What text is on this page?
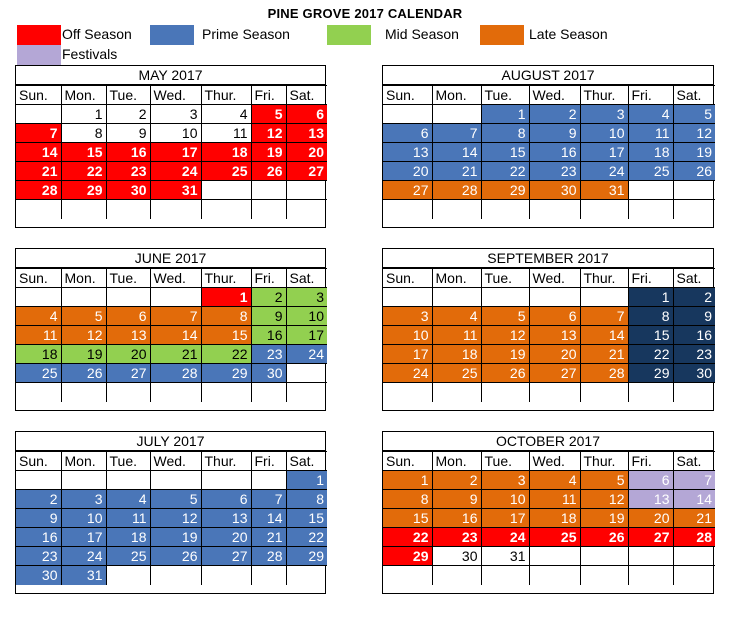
PINE GROVE 2017 CALENDAR
Off Season	Prime Season	Mid Season	Late Season
Festivals
MAY 2017
Sun.	Mon.	Tue.	Wed.	Thur.	Fri.	Sat.
	1	2	3	4	5	6
7	8	9	10	11	12	13
14	15	16	17	18	19	20
21	22	23	24	25	26	27
28	29	30	31			

AUGUST 2017
Sun.	Mon.	Tue.	Wed.	Thur.	Fri.	Sat.
		1	2	3	4	5
6	7	8	9	10	11	12
13	14	15	16	17	18	19
20	21	22	23	24	25	26
27	28	29	30	31		

JUNE 2017
Sun.	Mon.	Tue.	Wed.	Thur.	Fri.	Sat.
				1	2	3
4	5	6	7	8	9	10
11	12	13	14	15	16	17
18	19	20	21	22	23	24
25	26	27	28	29	30	

SEPTEMBER 2017
Sun.	Mon.	Tue.	Wed.	Thur.	Fri.	Sat.
					1	2
3	4	5	6	7	8	9
10	11	12	13	14	15	16
17	18	19	20	21	22	23
24	25	26	27	28	29	30

JULY 2017
Sun.	Mon.	Tue.	Wed.	Thur.	Fri.	Sat.
						1
2	3	4	5	6	7	8
9	10	11	12	13	14	15
16	17	18	19	20	21	22
23	24	25	26	27	28	29
30	31					
OCTOBER 2017
Sun.	Mon.	Tue.	Wed.	Thur.	Fri.	Sat.
1	2	3	4	5	6	7
8	9	10	11	12	13	14
15	16	17	18	19	20	21
22	23	24	25	26	27	28
29	30	31				
